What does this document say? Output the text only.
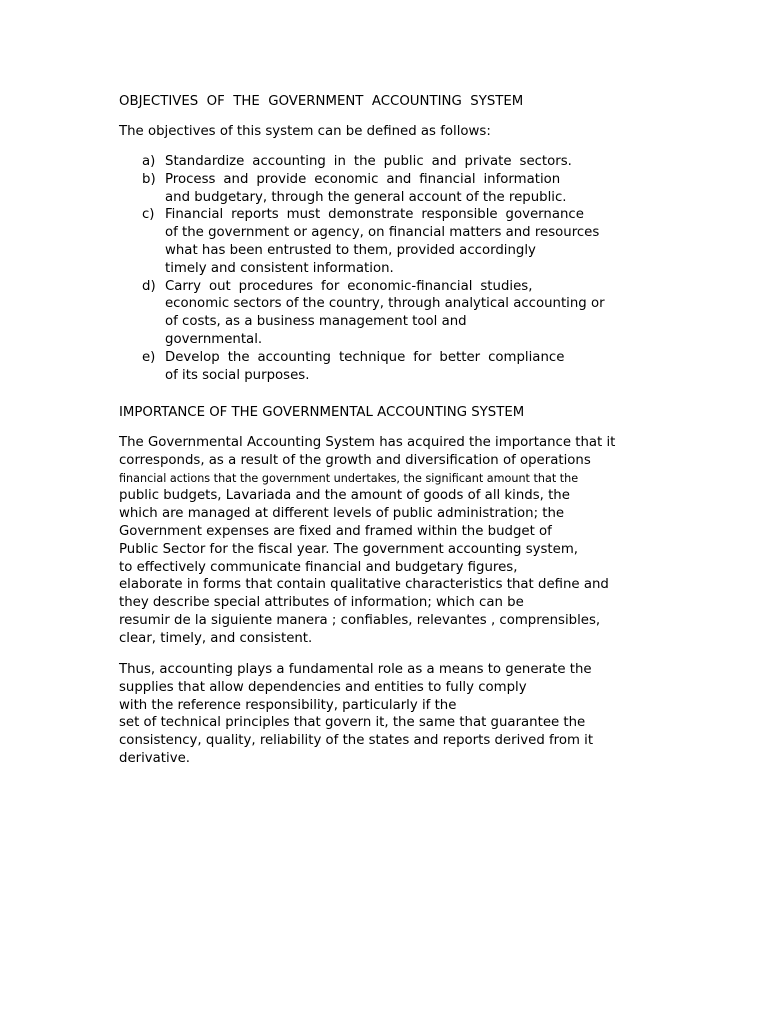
OBJECTIVES OF THE GOVERNMENT ACCOUNTING SYSTEM
The objectives of this system can be defined as follows:
a) Standardize accounting in the public and private sectors.
b) Process and provide economic and financial information
and budgetary, through the general account of the republic.
c) Financial reports must demonstrate responsible governance
of the government or agency, on financial matters and resources
what has been entrusted to them, provided accordingly
timely and consistent information.
d) Carry out procedures for economic-financial studies,
economic sectors of the country, through analytical accounting or
of costs, as a business management tool and
governmental.
e) Develop the accounting technique for better compliance
of its social purposes.
IMPORTANCE OF THE GOVERNMENTAL ACCOUNTING SYSTEM
The Governmental Accounting System has acquired the importance that it
corresponds, as a result of the growth and diversification of operations
financial actions that the government undertakes, the significant amount that the
public budgets, Lavariada and the amount of goods of all kinds, the
which are managed at different levels of public administration; the
Government expenses are fixed and framed within the budget of
Public Sector for the fiscal year. The government accounting system,
to effectively communicate financial and budgetary figures,
elaborate in forms that contain qualitative characteristics that define and
they describe special attributes of information; which can be
resumir de la siguiente manera ; confiables, relevantes , comprensibles,
clear, timely, and consistent.
Thus, accounting plays a fundamental role as a means to generate the
supplies that allow dependencies and entities to fully comply
with the reference responsibility, particularly if the
set of technical principles that govern it, the same that guarantee the
consistency, quality, reliability of the states and reports derived from it
derivative.
